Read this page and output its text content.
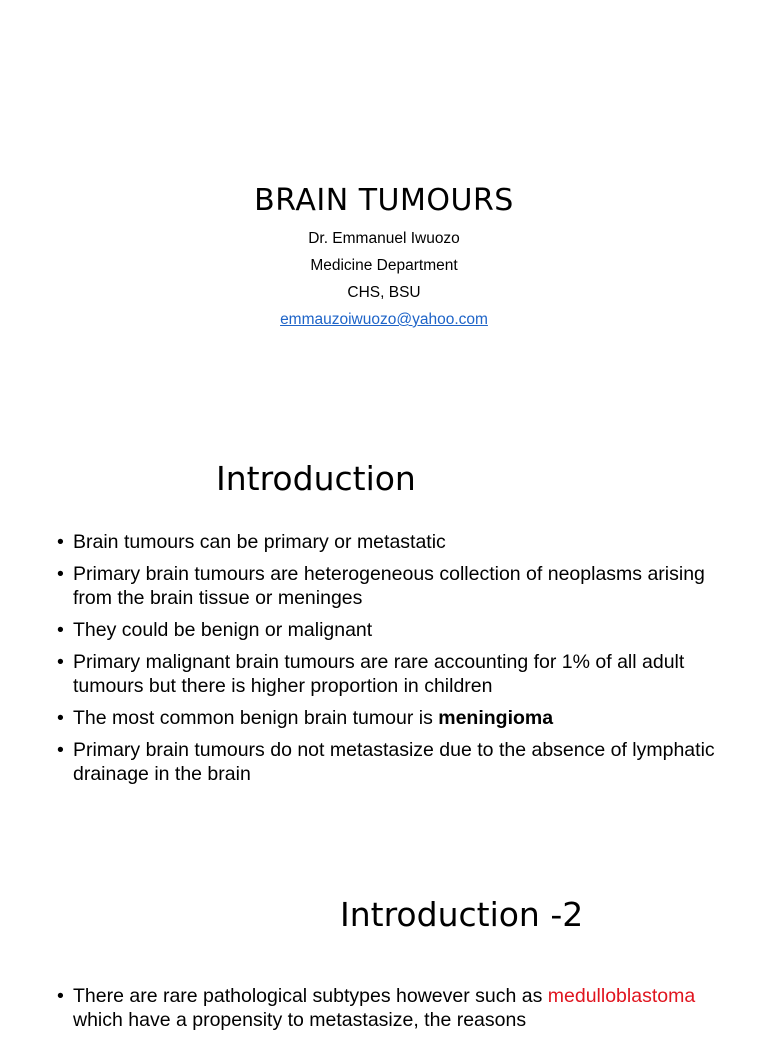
BRAIN TUMOURS
Dr. Emmanuel Iwuozo
Medicine Department
CHS, BSU
emmauzoiwuozo@yahoo.com
Introduction
• Brain tumours can be primary or metastatic
• Primary brain tumours are heterogeneous collection of neoplasms arising from the brain tissue or meninges
• They could be benign or malignant
• Primary malignant brain tumours are rare accounting for 1% of all adult tumours but there is higher proportion in children
• The most common benign brain tumour is meningioma
• Primary brain tumours do not metastasize due to the absence of lymphatic drainage in the brain
Introduction -2
• There are rare pathological subtypes however such as medulloblastoma which have a propensity to metastasize, the reasons
